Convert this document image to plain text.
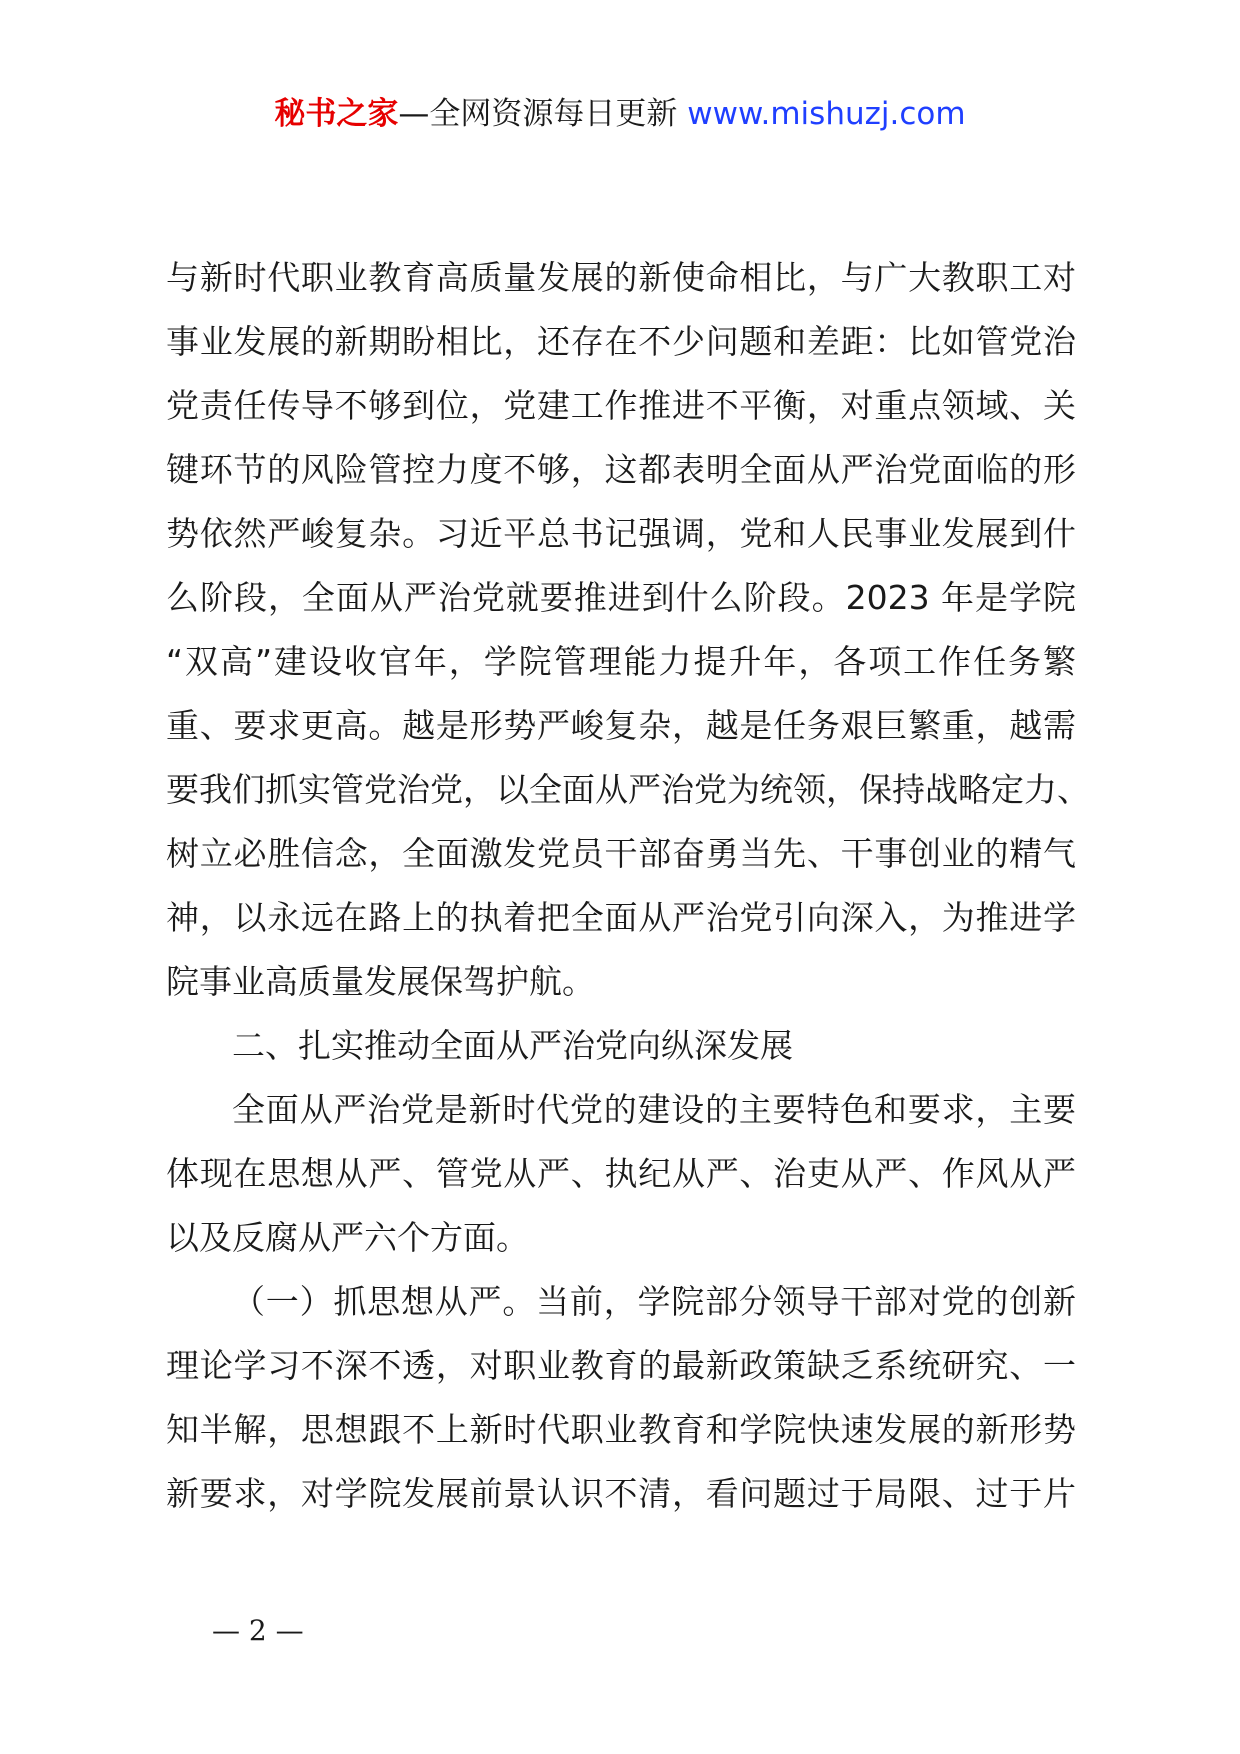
秘书之家—全网资源每日更新 www.mishuzj.com
与新时代职业教育高质量发展的新使命相比，与广大教职工对
事业发展的新期盼相比，还存在不少问题和差距：比如管党治
党责任传导不够到位，党建工作推进不平衡，对重点领域、关
键环节的风险管控力度不够，这都表明全面从严治党面临的形
势依然严峻复杂。习近平总书记强调，党和人民事业发展到什
么阶段，全面从严治党就要推进到什么阶段。2023 年是学院
“双高”建设收官年，学院管理能力提升年，各项工作任务繁
重、要求更高。越是形势严峻复杂，越是任务艰巨繁重，越需
要我们抓实管党治党，以全面从严治党为统领，保持战略定力、
树立必胜信念，全面激发党员干部奋勇当先、干事创业的精气
神，以永远在路上的执着把全面从严治党引向深入，为推进学
院事业高质量发展保驾护航。
二、扎实推动全面从严治党向纵深发展
全面从严治党是新时代党的建设的主要特色和要求，主要
体现在思想从严、管党从严、执纪从严、治吏从严、作风从严
以及反腐从严六个方面。
（一）抓思想从严。当前，学院部分领导干部对党的创新
理论学习不深不透，对职业教育的最新政策缺乏系统研究、一
知半解，思想跟不上新时代职业教育和学院快速发展的新形势
新要求，对学院发展前景认识不清，看问题过于局限、过于片
— 2 —
